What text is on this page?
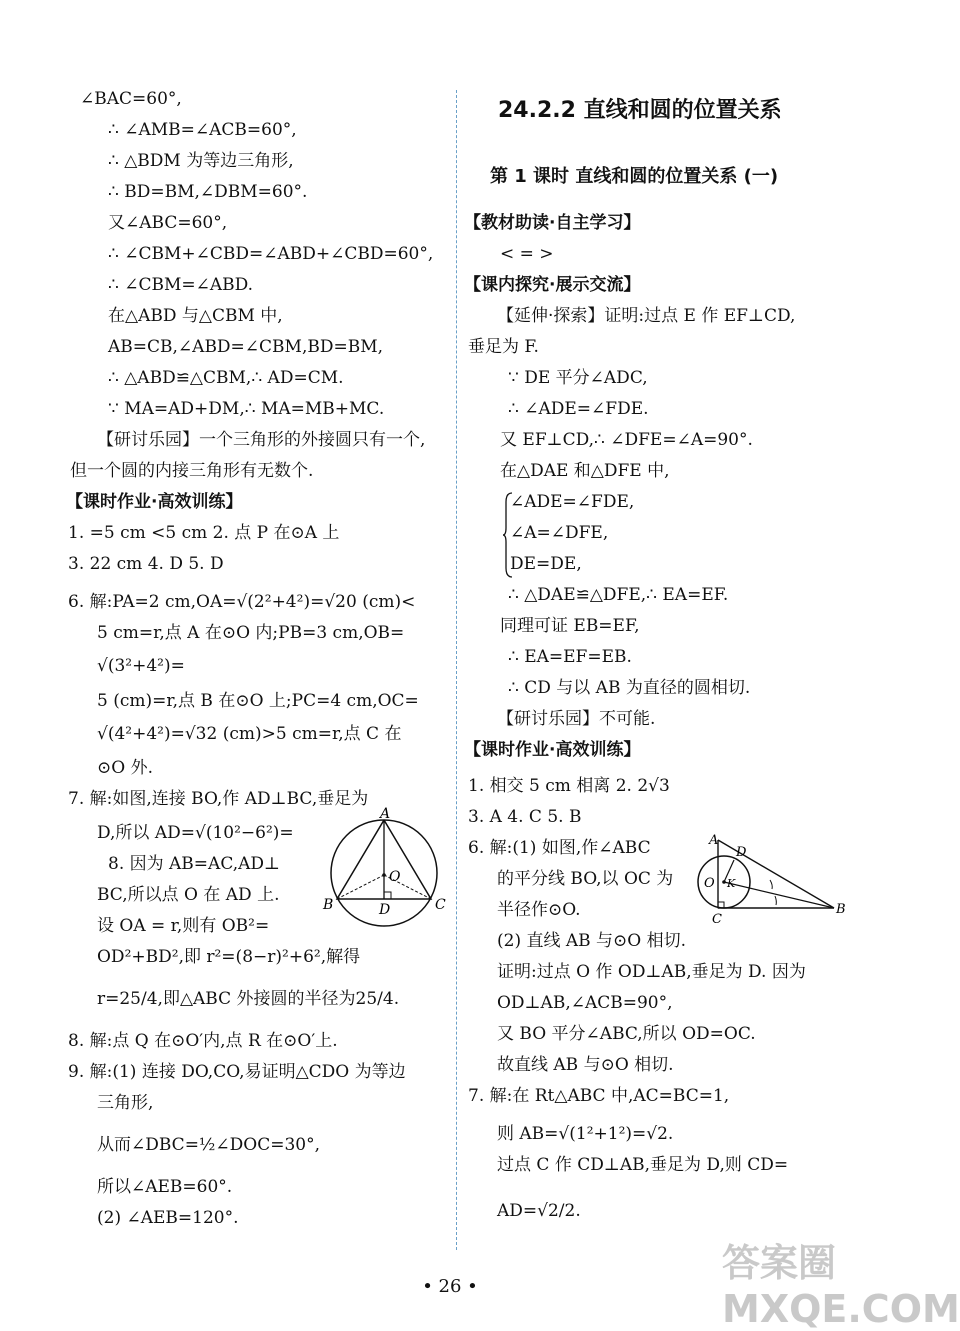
∠BAC=60°,
∴ ∠AMB=∠ACB=60°,
∴ △BDM 为等边三角形,
∴ BD=BM,∠DBM=60°.
又∠ABC=60°,
∴ ∠CBM+∠CBD=∠ABD+∠CBD=60°,
∴ ∠CBM=∠ABD.
在△ABD 与△CBM 中,
AB=CB,∠ABD=∠CBM,BD=BM,
∴ △ABD≌△CBM,∴ AD=CM.
∵ MA=AD+DM,∴ MA=MB+MC.
【研讨乐园】一个三角形的外接圆只有一个,
但一个圆的内接三角形有无数个.
【课时作业·高效训练】
1. =5 cm <5 cm 2. 点 P 在⊙A 上
3. 22 cm 4. D 5. D
6. 解:PA=2 cm,OA=√(2²+4²)=√20 (cm)<
5 cm=r,点 A 在⊙O 内;PB=3 cm,OB=
√(3²+4²)=
5 (cm)=r,点 B 在⊙O 上;PC=4 cm,OC=
√(4²+4²)=√32 (cm)>5 cm=r,点 C 在
⊙O 外.
7. 解:如图,连接 BO,作 AD⊥BC,垂足为
D,所以 AD=√(10²−6²)=
8. 因为 AB=AC,AD⊥
BC,所以点 O 在 AD 上.
设 OA = r,则有 OB²=
OD²+BD²,即 r²=(8−r)²+6²,解得
r=25/4,即△ABC 外接圆的半径为25/4.
8. 解:点 Q 在⊙O′内,点 R 在⊙O′上.
9. 解:(1) 连接 DO,CO,易证明△CDO 为等边
三角形,
从而∠DBC=½∠DOC=30°,
所以∠AEB=60°.
(2) ∠AEB=120°.
24.2.2 直线和圆的位置关系
第 1 课时 直线和圆的位置关系 (一)
【教材助读·自主学习】
< = >
【课内探究·展示交流】
【延伸·探索】证明:过点 E 作 EF⊥CD,
垂足为 F.
∵ DE 平分∠ADC,
∴ ∠ADE=∠FDE.
又 EF⊥CD,∴ ∠DFE=∠A=90°.
在△DAE 和△DFE 中,
∠ADE=∠FDE,
∠A=∠DFE,
DE=DE,
∴ △DAE≌△DFE,∴ EA=EF.
同理可证 EB=EF,
∴ EA=EF=EB.
∴ CD 与以 AB 为直径的圆相切.
【研讨乐园】不可能.
【课时作业·高效训练】
1. 相交 5 cm 相离 2. 2√3
3. A 4. C 5. B
6. 解:(1) 如图,作∠ABC
的平分线 BO,以 OC 为
半径作⊙O.
(2) 直线 AB 与⊙O 相切.
证明:过点 O 作 OD⊥AB,垂足为 D. 因为
OD⊥AB,∠ACB=90°,
又 BO 平分∠ABC,所以 OD=OC.
故直线 AB 与⊙O 相切.
7. 解:在 Rt△ABC 中,AC=BC=1,
则 AB=√(1²+1²)=√2.
过点 C 作 CD⊥AB,垂足为 D,则 CD=
AD=√2/2.
A
O
B	D	C
A
D
O K
C
B
• 26 •
答案圈 MXQE.COM
